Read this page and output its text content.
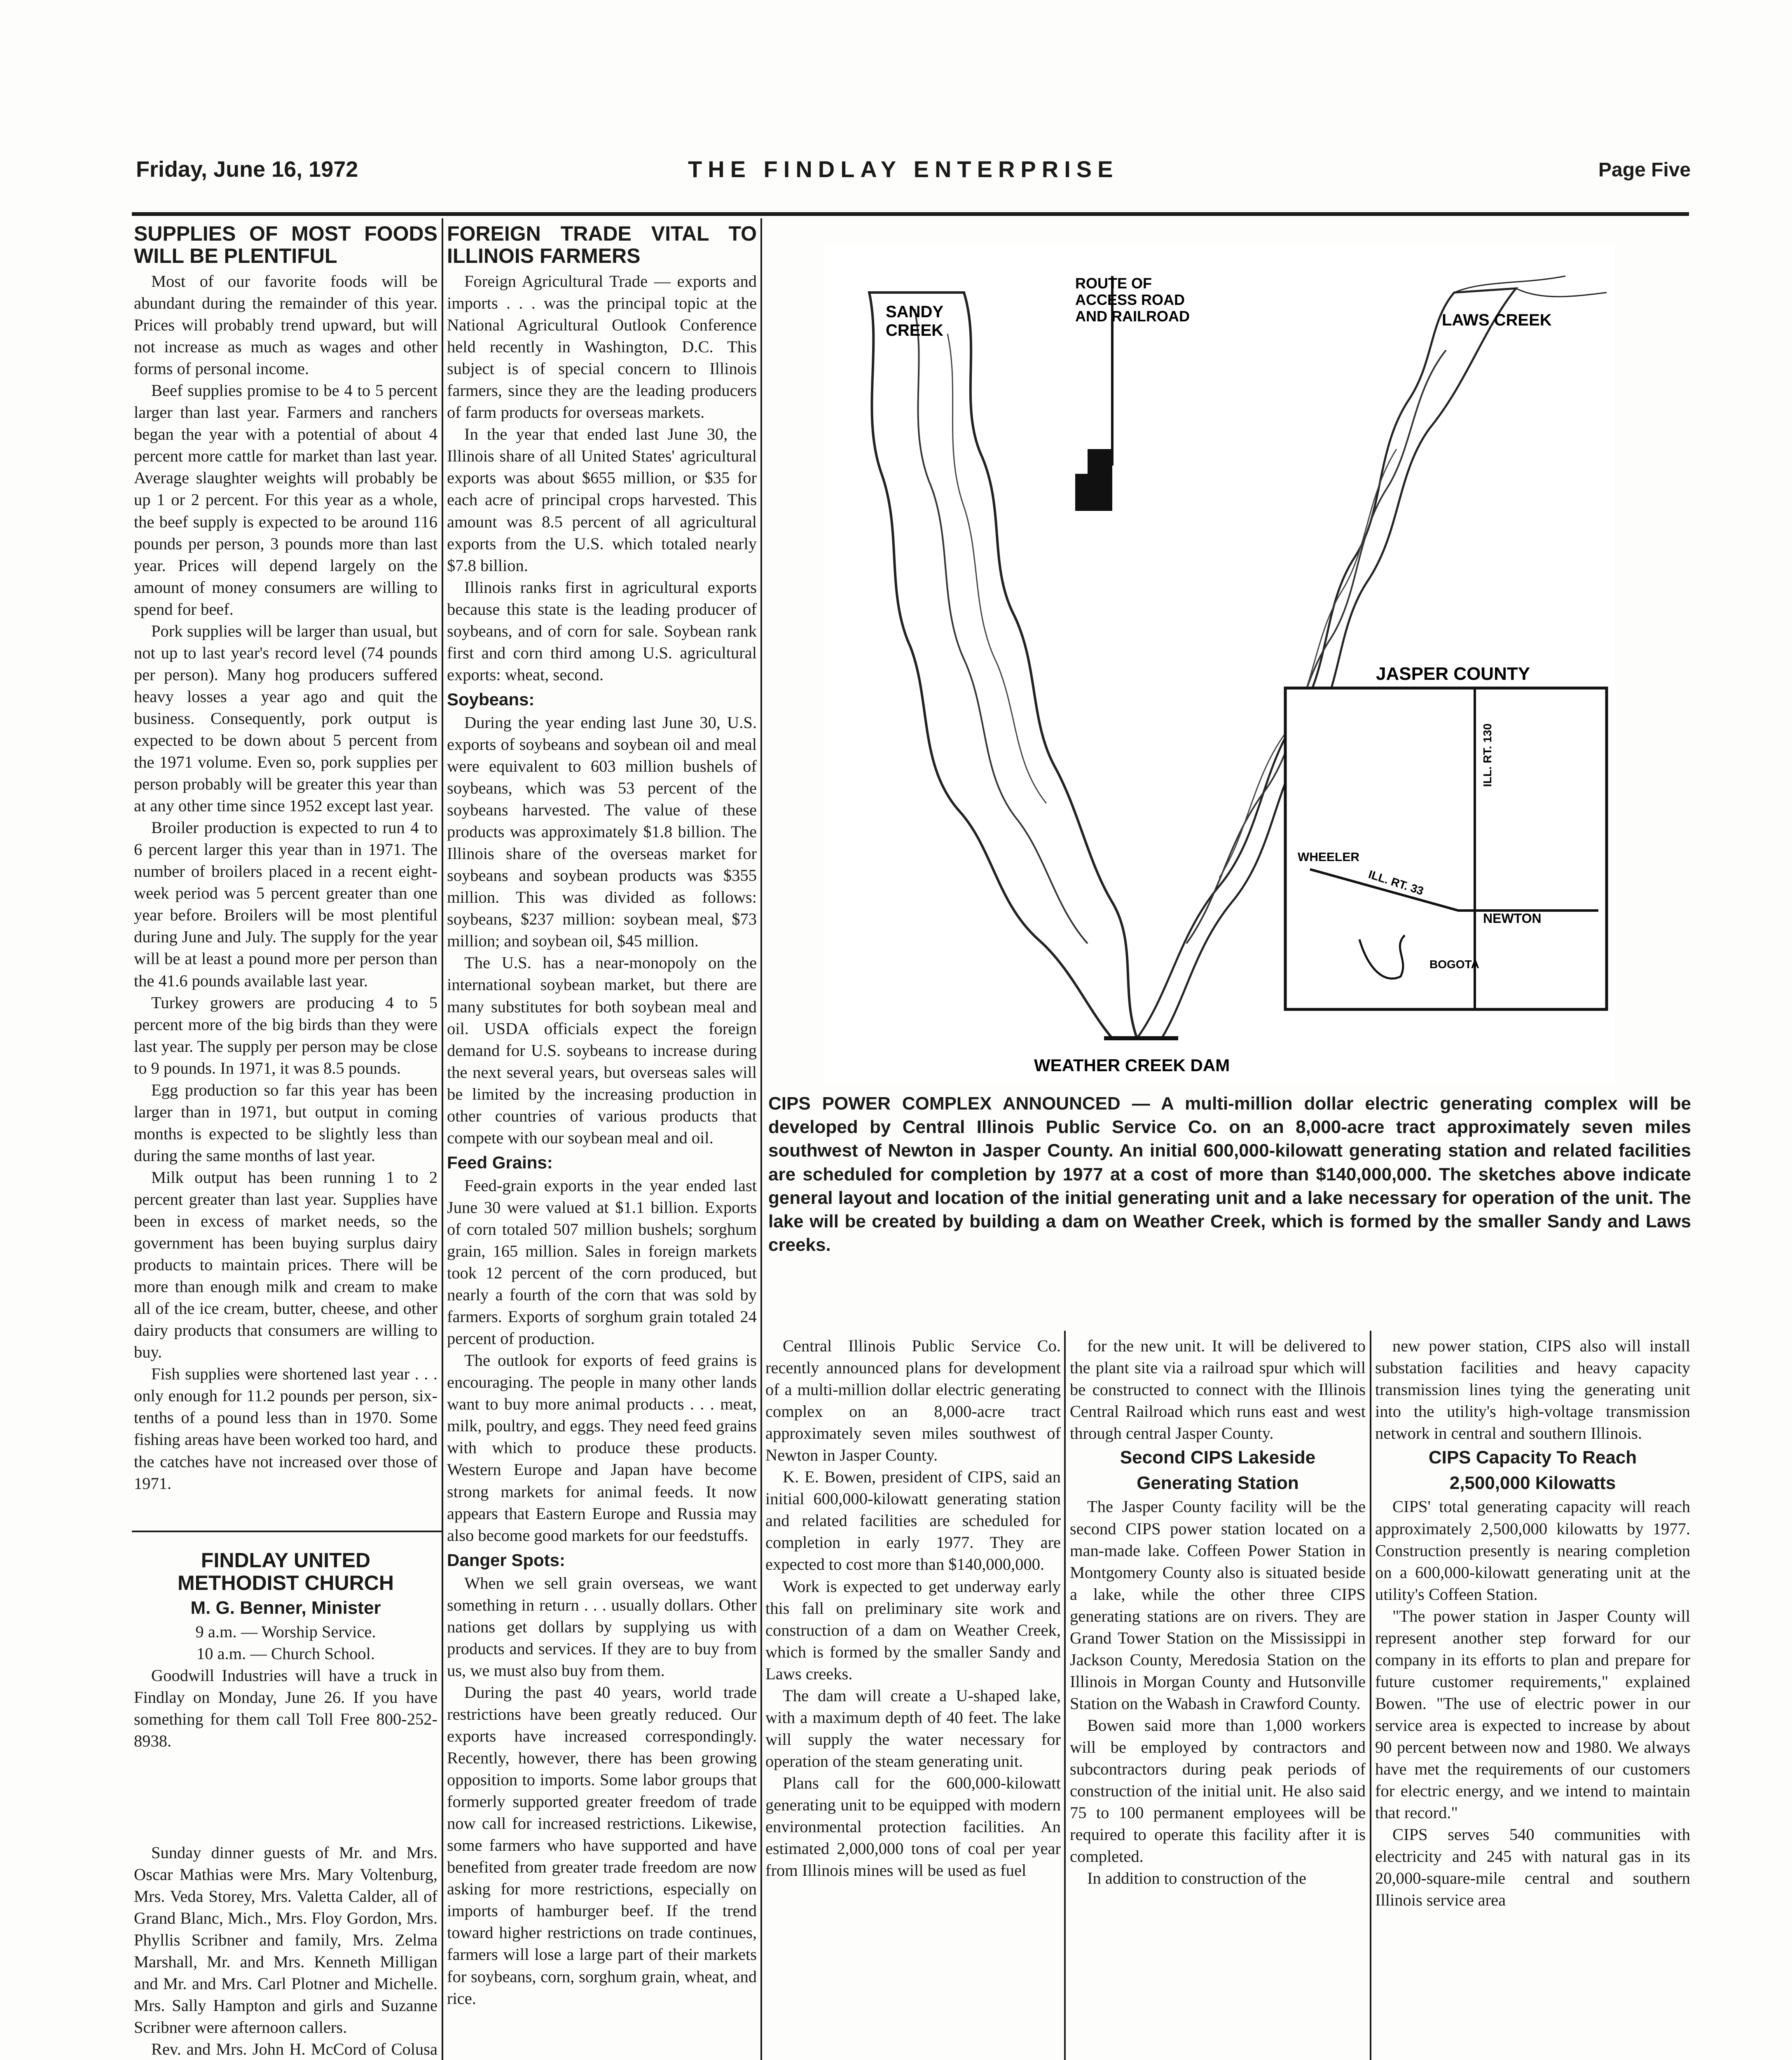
Friday, June 16, 1972	THE FINDLAY ENTERPRISE	Page Five
SUPPLIES OF MOST FOODS WILL BE PLENTIFUL

Most of our favorite foods will be abundant during the remainder of this year. Prices will probably trend upward, but will not increase as much as wages and other forms of personal income.

Beef supplies promise to be 4 to 5 percent larger than last year. Farmers and ranchers began the year with a potential of about 4 percent more cattle for market than last year. Average slaughter weights will probably be up 1 or 2 percent. For this year as a whole, the beef supply is expected to be around 116 pounds per person, 3 pounds more than last year. Prices will depend largely on the amount of money consumers are willing to spend for beef.

Pork supplies will be larger than usual, but not up to last year's record level (74 pounds per person). Many hog producers suffered heavy losses a year ago and quit the business. Consequently, pork output is expected to be down about 5 percent from the 1971 volume. Even so, pork supplies per person probably will be greater this year than at any other time since 1952 except last year.

Broiler production is expected to run 4 to 6 percent larger this year than in 1971. The number of broilers placed in a recent eight-week period was 5 percent greater than one year before. Broilers will be most plentiful during June and July. The supply for the year will be at least a pound more per person than the 41.6 pounds available last year.

Turkey growers are producing 4 to 5 percent more of the big birds than they were last year. The supply per person may be close to 9 pounds. In 1971, it was 8.5 pounds.

Egg production so far this year has been larger than in 1971, but output in coming months is expected to be slightly less than during the same months of last year.

Milk output has been running 1 to 2 percent greater than last year. Supplies have been in excess of market needs, so the government has been buying surplus dairy products to maintain prices. There will be more than enough milk and cream to make all of the ice cream, butter, cheese, and other dairy products that consumers are willing to buy.

Fish supplies were shortened last year . . . only enough for 11.2 pounds per person, six-tenths of a pound less than in 1970. Some fishing areas have been worked too hard, and the catches have not increased over those of 1971.

FINDLAY UNITED
METHODIST CHURCH
M. G. Benner, Minister

9 a.m. — Worship Service.

10 a.m. — Church School.

Goodwill Industries will have a truck in Findlay on Monday, June 26. If you have something for them call Toll Free 800-252-8938.

Sunday dinner guests of Mr. and Mrs. Oscar Mathias were Mrs. Mary Voltenburg, Mrs. Veda Storey, Mrs. Valetta Calder, all of Grand Blanc, Mich., Mrs. Floy Gordon, Mrs. Phyllis Scribner and family, Mrs. Zelma Marshall, Mr. and Mrs. Kenneth Milligan and Mr. and Mrs. Carl Plotner and Michelle. Mrs. Sally Hampton and girls and Suzanne Scribner were afternoon callers.

Rev. and Mrs. John H. McCord of Colusa

FOREIGN TRADE VITAL TO ILLINOIS FARMERS

Foreign Agricultural Trade — exports and imports . . . was the principal topic at the National Agricultural Outlook Conference held recently in Washington, D.C. This subject is of special concern to Illinois farmers, since they are the leading producers of farm products for overseas markets.

In the year that ended last June 30, the Illinois share of all United States' agricultural exports was about $655 million, or $35 for each acre of principal crops harvested. This amount was 8.5 percent of all agricultural exports from the U.S. which totaled nearly $7.8 billion.

Illinois ranks first in agricultural exports because this state is the leading producer of soybeans, and of corn for sale. Soybean rank first and corn third among U.S. agricultural exports: wheat, second.

Soybeans:

During the year ending last June 30, U.S. exports of soybeans and soybean oil and meal were equivalent to 603 million bushels of soybeans, which was 53 percent of the soybeans harvested. The value of these products was approximately $1.8 billion. The Illinois share of the overseas market for soybeans and soybean products was $355 million. This was divided as follows: soybeans, $237 million: soybean meal, $73 million; and soybean oil, $45 million.

The U.S. has a near-monopoly on the international soybean market, but there are many substitutes for both soybean meal and oil. USDA officials expect the foreign demand for U.S. soybeans to increase during the next several years, but overseas sales will be limited by the increasing production in other countries of various products that compete with our soybean meal and oil.

Feed Grains:

Feed-grain exports in the year ended last June 30 were valued at $1.1 billion. Exports of corn totaled 507 million bushels; sorghum grain, 165 million. Sales in foreign markets took 12 percent of the corn produced, but nearly a fourth of the corn that was sold by farmers. Exports of sorghum grain totaled 24 percent of production.

The outlook for exports of feed grains is encouraging. The people in many other lands want to buy more animal products . . . meat, milk, poultry, and eggs. They need feed grains with which to produce these products. Western Europe and Japan have become strong markets for animal feeds. It now appears that Eastern Europe and Russia may also become good markets for our feedstuffs.

Danger Spots:

When we sell grain overseas, we want something in return . . . usually dollars. Other nations get dollars by supplying us with products and services. If they are to buy from us, we must also buy from them.

During the past 40 years, world trade restrictions have been greatly reduced. Our exports have increased correspondingly. Recently, however, there has been growing opposition to imports. Some labor groups that formerly supported greater freedom of trade now call for increased restrictions. Likewise, some farmers who have supported and have benefited from greater trade freedom are now asking for more restrictions, especially on imports of hamburger beef. If the trend toward higher restrictions on trade continues, farmers will lose a large part of their markets for soybeans, corn, sorghum grain, wheat, and rice.

SANDY
CREEK
ROUTE OF
ACCESS ROAD
AND RAILROAD	LAWS CREEK
WEATHER CREEK DAM
JASPER COUNTY
WHEELER
ILL. RT. 33
ILL. RT. 130
NEWTON
BOGOTA
CIPS POWER COMPLEX ANNOUNCED — A multi-million dollar electric generating complex will be developed by Central Illinois Public Service Co. on an 8,000-acre tract approximately seven miles southwest of Newton in Jasper County. An initial 600,000-kilowatt generating station and related facilities are scheduled for completion by 1977 at a cost of more than $140,000,000. The sketches above indicate general layout and location of the initial generating unit and a lake necessary for operation of the unit. The lake will be created by building a dam on Weather Creek, which is formed by the smaller Sandy and Laws creeks.

Central Illinois Public Service Co. recently announced plans for development of a multi-million dollar electric generating complex on an 8,000-acre tract approximately seven miles southwest of Newton in Jasper County.

K. E. Bowen, president of CIPS, said an initial 600,000-kilowatt generating station and related facilities are scheduled for completion in early 1977. They are expected to cost more than $140,000,000.

Work is expected to get underway early this fall on preliminary site work and construction of a dam on Weather Creek, which is formed by the smaller Sandy and Laws creeks.

The dam will create a U-shaped lake, with a maximum depth of 40 feet. The lake will supply the water necessary for operation of the steam generating unit.

Plans call for the 600,000-kilowatt generating unit to be equipped with modern environmental protection facilities. An estimated 2,000,000 tons of coal per year from Illinois mines will be used as fuel

for the new unit. It will be delivered to the plant site via a railroad spur which will be constructed to connect with the Illinois Central Railroad which runs east and west through central Jasper County.

Second CIPS Lakeside
Generating Station

The Jasper County facility will be the second CIPS power station located on a man-made lake. Coffeen Power Station in Montgomery County also is situated beside a lake, while the other three CIPS generating stations are on rivers. They are Grand Tower Station on the Mississippi in Jackson County, Meredosia Station on the Illinois in Morgan County and Hutsonville Station on the Wabash in Crawford County.

Bowen said more than 1,000 workers will be employed by contractors and subcontractors during peak periods of construction of the initial unit. He also said 75 to 100 permanent employees will be required to operate this facility after it is completed.

In addition to construction of the

new power station, CIPS also will install substation facilities and heavy capacity transmission lines tying the generating unit into the utility's high-voltage transmission network in central and southern Illinois.

CIPS Capacity To Reach
2,500,000 Kilowatts

CIPS' total generating capacity will reach approximately 2,500,000 kilowatts by 1977. Construction presently is nearing completion on a 600,000-kilowatt generating unit at the utility's Coffeen Station.

"The power station in Jasper County will represent another step forward for our company in its efforts to plan and prepare for future customer requirements," explained Bowen. "The use of electric power in our service area is expected to increase by about 90 percent between now and 1980. We always have met the requirements of our customers for electric energy, and we intend to maintain that record."

CIPS serves 540 communities with electricity and 245 with natural gas in its 20,000-square-mile central and southern Illinois service area
